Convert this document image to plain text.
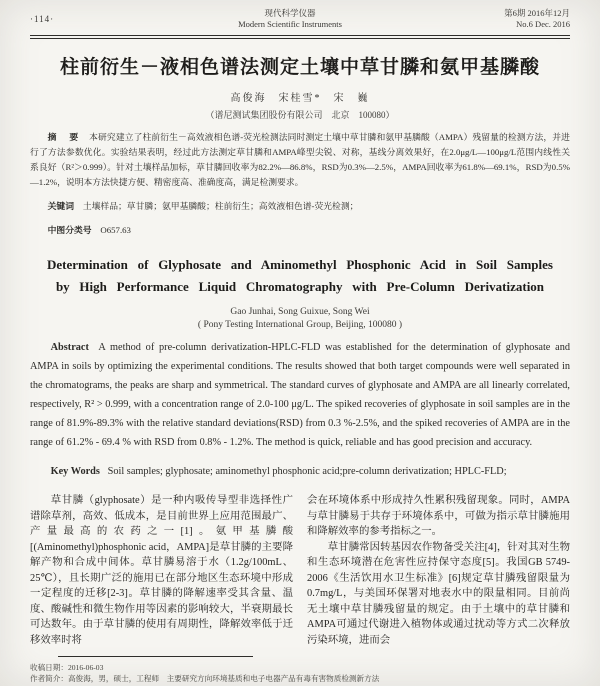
·114·
现代科学仪器
Modern Scientific Instruments
第6期 2016年12月
No.6 Dec. 2016
柱前衍生－液相色谱法测定土壤中草甘膦和氨甲基膦酸
高俊海　宋桂雪*　宋　巍
（谱尼测试集团股份有限公司　北京　100080）

摘　要　 本研究建立了柱前衍生－高效液相色谱-荧光检测法同时测定土壤中草甘膦和氨甲基膦酸（AMPA）残留量的检测方法，并进行了方法参数优化。实验结果表明，经过此方法测定草甘膦和AMPA峰型尖锐、对称，基线分离效果好，在2.0μg/L—100μg/L范围内线性关系良好（R²＞0.999）。针对土壤样品加标，草甘膦回收率为82.2%—86.8%，RSD为0.3%—2.5%，AMPA回收率为61.8%—69.1%，RSD为0.5%—1.2%，说明本方法快捷方便、精密度高、准确度高，满足检测要求。

关键词　 土壤样品；草甘膦；氨甲基膦酸；柱前衍生；高效液相色谱-荧光检测；

中图分类号　 O657.63

Determination of Glyphosate and Aminomethyl Phosphonic Acid in Soil Samples by High Performance Liquid Chromatography with Pre-Column Derivatization
Gao Junhai, Song Guixue, Song Wei
( Pony Testing International Group, Beijing, 100080 )

Abstract A method of pre-column derivatization-HPLC-FLD was established for the determination of glyphosate and AMPA in soils by optimizing the experimental conditions. The results showed that both target compounds were well separated in the chromatograms, the peaks are sharp and symmetrical. The standard curves of glyphosate and AMPA are all linearly correlated, respectively, R² > 0.999, with a concentration range of 2.0-100 μg/L. The spiked recoveries of glyphosate in soil samples are in the range of 81.9%-89.3% with the relative standard deviations(RSD) from 0.3 %-2.5%, and the spiked recoveries of AMPA are in the range of 61.2% - 69.4 % with RSD from 0.8% - 1.2%. The method is quick, reliable and has good precision and accuracy.

Key Words Soil samples; glyphosate; aminomethyl phosphonic acid;pre-column derivatization; HPLC-FLD;

草甘膦（glyphosate）是一种内吸传导型非选择性广谱除草剂，高效、低成本，是目前世界上应用范围最广、产量最高的农药之一[1]。氨甲基膦酸[(Aminomethyl)phosphonic acid，AMPA]是草甘膦的主要降解产物和合成中间体。草甘膦易溶于水（1.2g/100mL、25℃），且长期广泛的施用已在部分地区生态环境中形成一定程度的迁移[2-3]。草甘膦的降解速率受其含量、温度、酸碱性和微生物作用等因素的影响较大，半衰期最长可达数年。由于草甘膦的使用有周期性，降解效率低于迁移效率时将

会在环境体系中形成持久性累积残留现象。同时，AMPA与草甘膦易于共存于环境体系中，可做为指示草甘膦施用和降解效率的参考指标之一。

草甘膦常因转基因农作物备受关注[4]，针对其对生物和生态环境潜在危害性应持保守态度[5]。我国GB 5749-2006《生活饮用水卫生标准》[6]规定草甘膦残留限量为0.7mg/L，与美国环保署对地表水中的限量相同。目前尚无土壤中草甘膦残留量的规定。由于土壤中的草甘膦和AMPA可通过代谢进入植物体或通过扰动等方式二次释放污染环境，进而会

收稿日期：2016-06-03
作者简介：高俊海，男，硕士，工程师　主要研究方向环境基质和电子电器产品有毒有害物质检测新方法
